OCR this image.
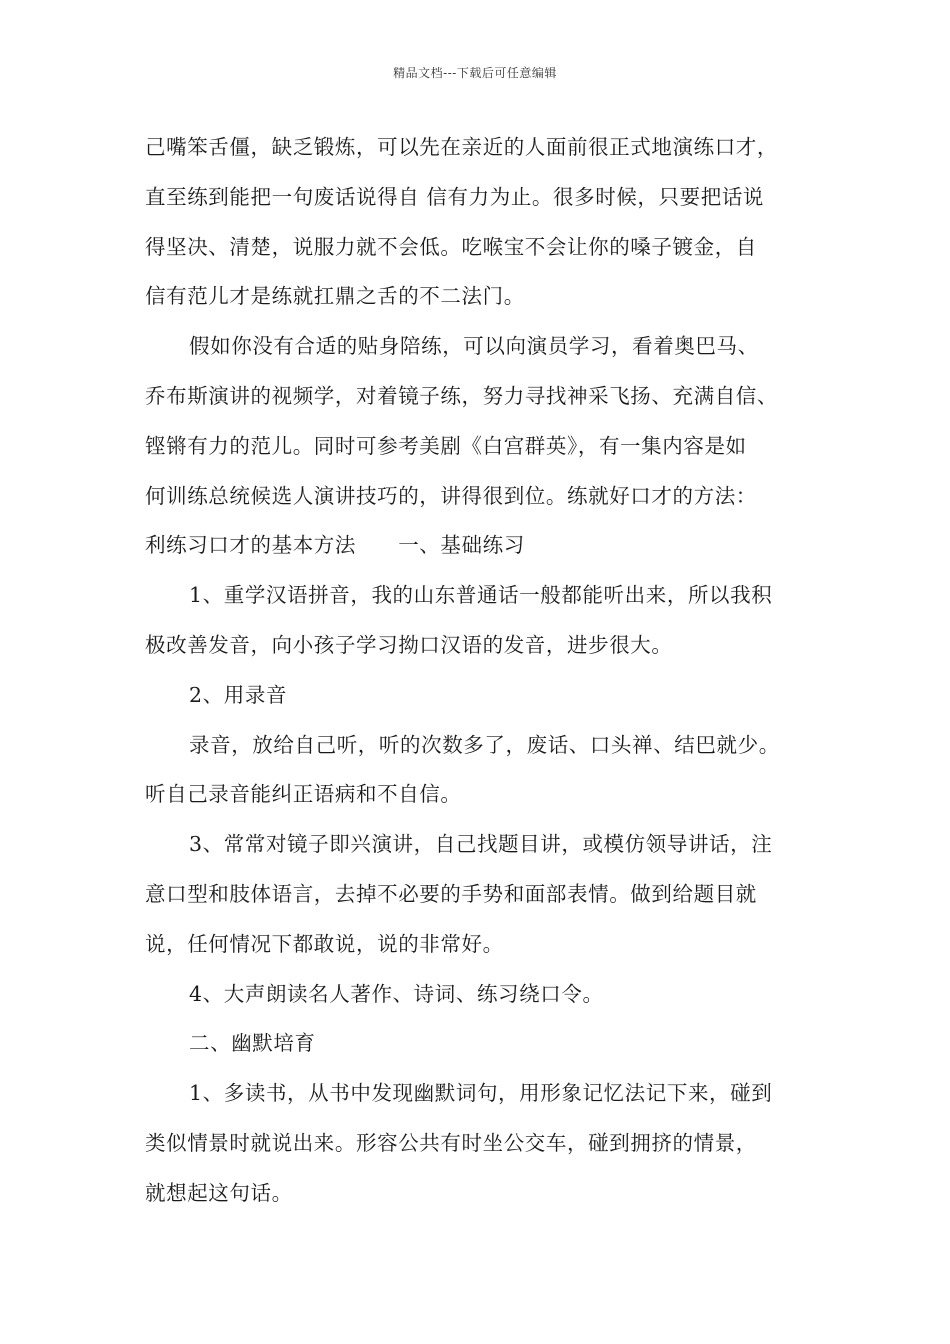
精品文档---下载后可任意编辑
己嘴笨舌僵，缺乏锻炼，可以先在亲近的人面前很正式地演练口才，
直至练到能把一句废话说得自 信有力为止。很多时候，只要把话说
得坚决、清楚，说服力就不会低。吃喉宝不会让你的嗓子镀金，自
信有范儿才是练就扛鼎之舌的不二法门。
假如你没有合适的贴身陪练，可以向演员学习，看着奥巴马、
乔布斯演讲的视频学，对着镜子练，努力寻找神采飞扬、充满自信、
铿锵有力的范儿。同时可参考美剧《白宫群英》，有一集内容是如
何训练总统候选人演讲技巧的，讲得很到位。练就好口才的方法：
利练习口才的基本方法　　一、基础练习
1、重学汉语拼音，我的山东普通话一般都能听出来，所以我积
极改善发音，向小孩子学习拗口汉语的发音，进步很大。
2、用录音
录音，放给自己听，听的次数多了，废话、口头禅、结巴就少。
听自己录音能纠正语病和不自信。
3、常常对镜子即兴演讲，自己找题目讲，或模仿领导讲话，注
意口型和肢体语言，去掉不必要的手势和面部表情。做到给题目就
说，任何情况下都敢说，说的非常好。
4、大声朗读名人著作、诗词、练习绕口令。
二、幽默培育
1、多读书，从书中发现幽默词句，用形象记忆法记下来，碰到
类似情景时就说出来。形容公共有时坐公交车，碰到拥挤的情景，
就想起这句话。
